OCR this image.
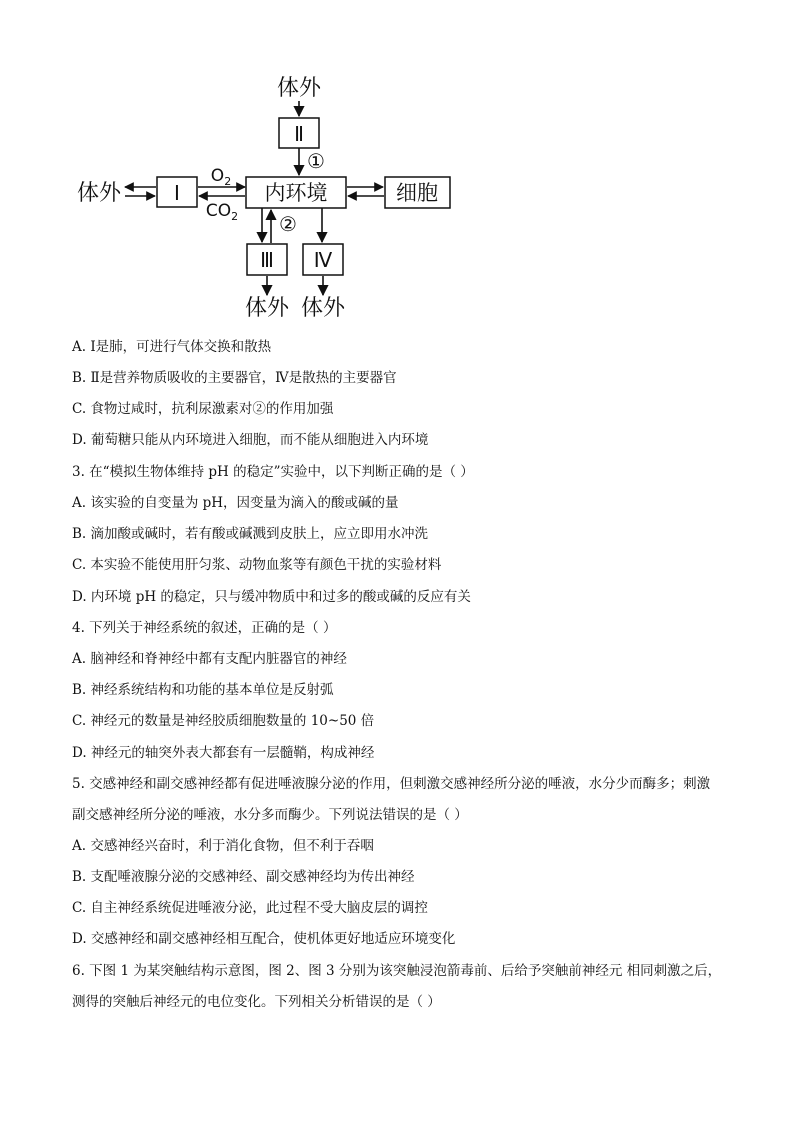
体外
Ⅱ
①
体外	Ⅰ
$O_2$
$CO_2$
内环境	细胞
②
Ⅲ
体外
Ⅳ
体外
A. Ⅰ是肺，可进行气体交换和散热
B. Ⅱ是营养物质吸收的主要器官，Ⅳ是散热的主要器官
C. 食物过咸时，抗利尿激素对②的作用加强
D. 葡萄糖只能从内环境进入细胞，而不能从细胞进入内环境
3. 在“模拟生物体维持 pH 的稳定”实验中，以下判断正确的是（ ）
A. 该实验的自变量为 pH，因变量为滴入的酸或碱的量
B. 滴加酸或碱时，若有酸或碱溅到皮肤上，应立即用水冲洗
C. 本实验不能使用肝匀浆、动物血浆等有颜色干扰的实验材料
D. 内环境 pH 的稳定，只与缓冲物质中和过多的酸或碱的反应有关
4. 下列关于神经系统的叙述，正确的是（ ）
A. 脑神经和脊神经中都有支配内脏器官的神经
B. 神经系统结构和功能的基本单位是反射弧
C. 神经元的数量是神经胶质细胞数量的 10~50 倍
D. 神经元的轴突外表大都套有一层髓鞘，构成神经
5. 交感神经和副交感神经都有促进唾液腺分泌的作用，但刺激交感神经所分泌的唾液，水分少而酶多；刺激副交感神经所分泌的唾液，水分多而酶少。下列说法错误的是（ ）
A. 交感神经兴奋时，利于消化食物，但不利于吞咽
B. 支配唾液腺分泌的交感神经、副交感神经均为传出神经
C. 自主神经系统促进唾液分泌，此过程不受大脑皮层的调控
D. 交感神经和副交感神经相互配合，使机体更好地适应环境变化
6. 下图 1 为某突触结构示意图，图 2、图 3 分别为该突触浸泡箭毒前、后给予突触前神经元 相同刺激之后，测得的突触后神经元的电位变化。下列相关分析错误的是（ ）
